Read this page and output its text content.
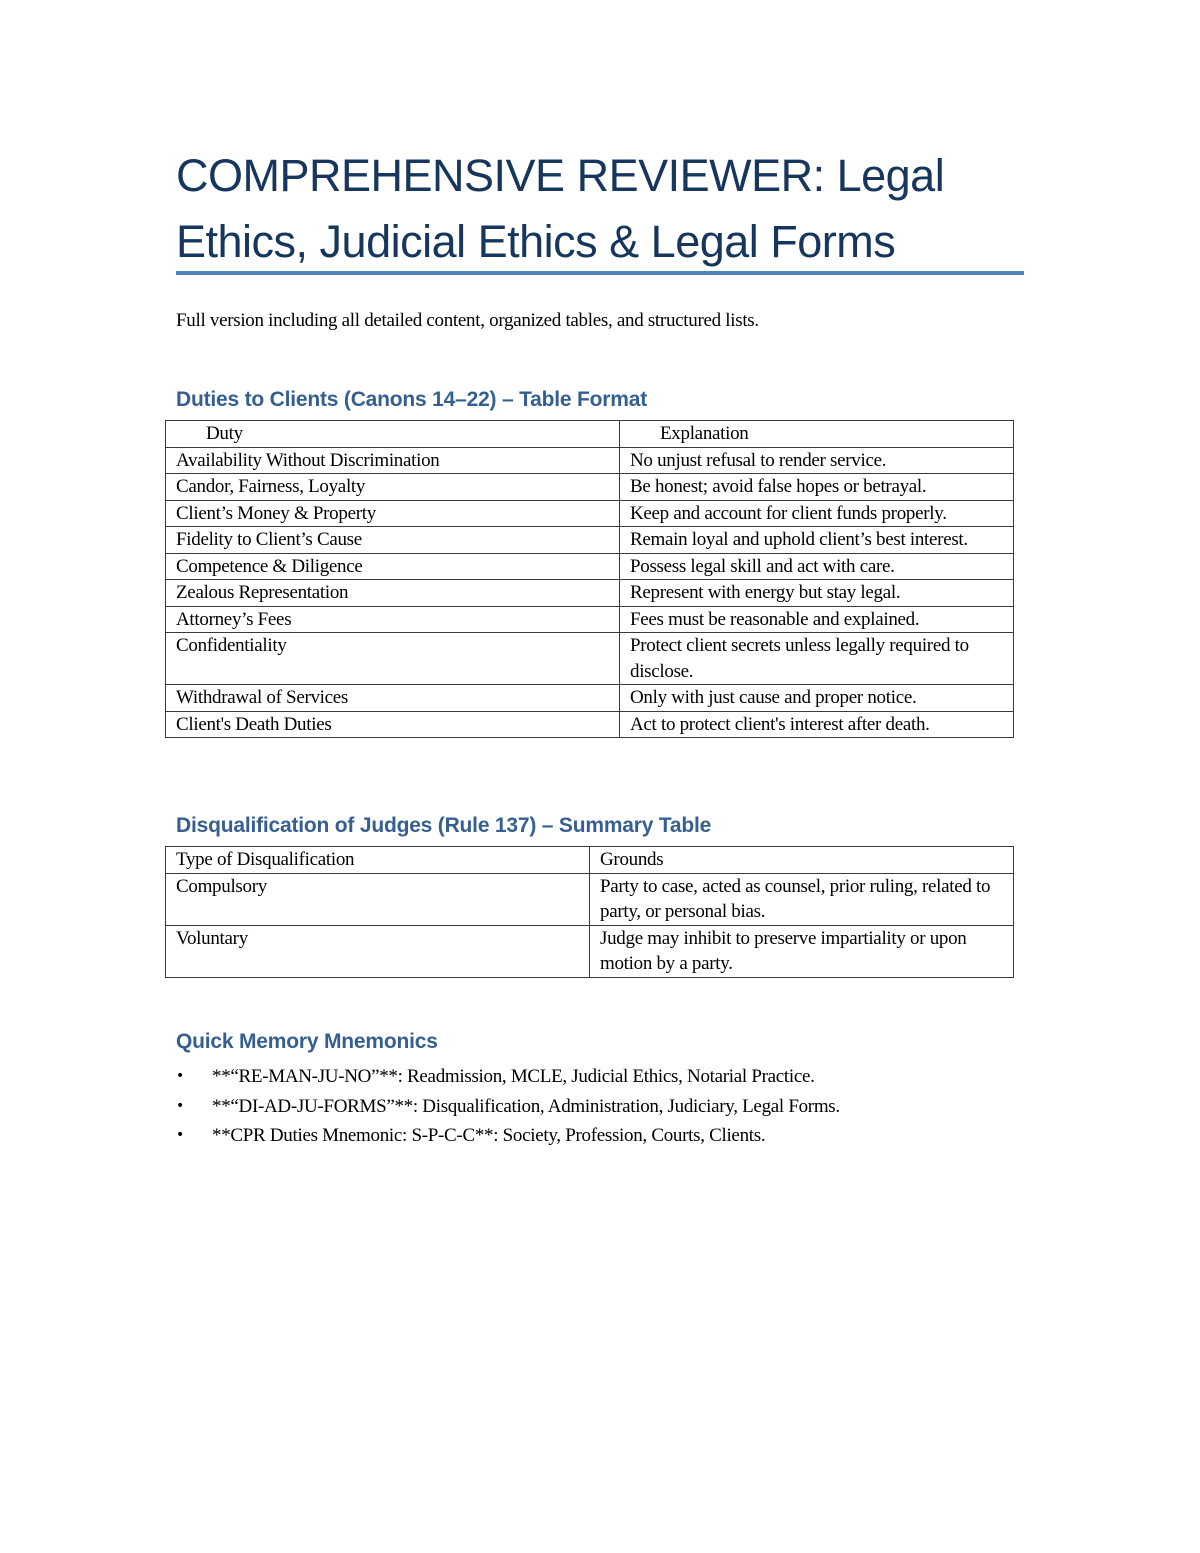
COMPREHENSIVE REVIEWER: Legal Ethics, Judicial Ethics & Legal Forms

Full version including all detailed content, organized tables, and structured lists.

Duties to Clients (Canons 14–22) – Table Format
Duty	Explanation
Availability Without Discrimination	No unjust refusal to render service.
Candor, Fairness, Loyalty	Be honest; avoid false hopes or betrayal.
Client’s Money & Property	Keep and account for client funds properly.
Fidelity to Client’s Cause	Remain loyal and uphold client’s best interest.
Competence & Diligence	Possess legal skill and act with care.
Zealous Representation	Represent with energy but stay legal.
Attorney’s Fees	Fees must be reasonable and explained.
Confidentiality	Protect client secrets unless legally required to disclose.
Withdrawal of Services	Only with just cause and proper notice.
Client's Death Duties	Act to protect client's interest after death.
Disqualification of Judges (Rule 137) – Summary Table
Type of Disqualification	Grounds
Compulsory	Party to case, acted as counsel, prior ruling, related to party, or personal bias.
Voluntary	Judge may inhibit to preserve impartiality or upon motion by a party.
Quick Memory Mnemonics
• **“RE-MAN-JU-NO”**: Readmission, MCLE, Judicial Ethics, Notarial Practice.
• **“DI-AD-JU-FORMS”**: Disqualification, Administration, Judiciary, Legal Forms.
• **CPR Duties Mnemonic: S-P-C-C**: Society, Profession, Courts, Clients.
